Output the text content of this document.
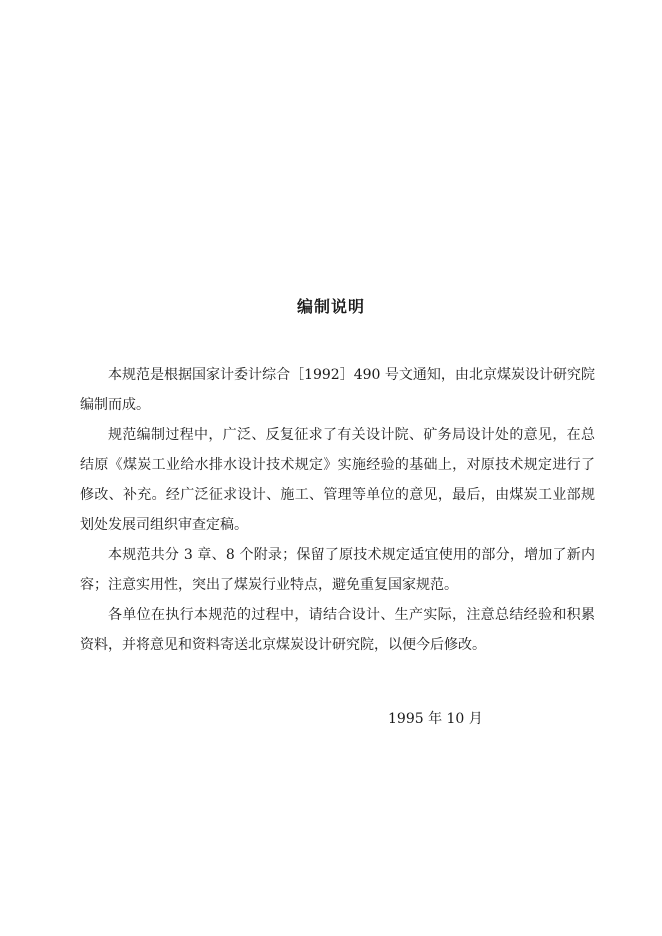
编制说明

本规范是根据国家计委计综合［1992］490 号文通知，由北京煤炭设计研究院编制而成。

规范编制过程中，广泛、反复征求了有关设计院、矿务局设计处的意见，在总结原《煤炭工业给水排水设计技术规定》实施经验的基础上，对原技术规定进行了修改、补充。经广泛征求设计、施工、管理等单位的意见，最后，由煤炭工业部规划处发展司组织审查定稿。

本规范共分 3 章、8 个附录；保留了原技术规定适宜使用的部分，增加了新内容；注意实用性，突出了煤炭行业特点，避免重复国家规范。

各单位在执行本规范的过程中，请结合设计、生产实际，注意总结经验和积累资料，并将意见和资料寄送北京煤炭设计研究院，以便今后修改。

1995 年 10 月
